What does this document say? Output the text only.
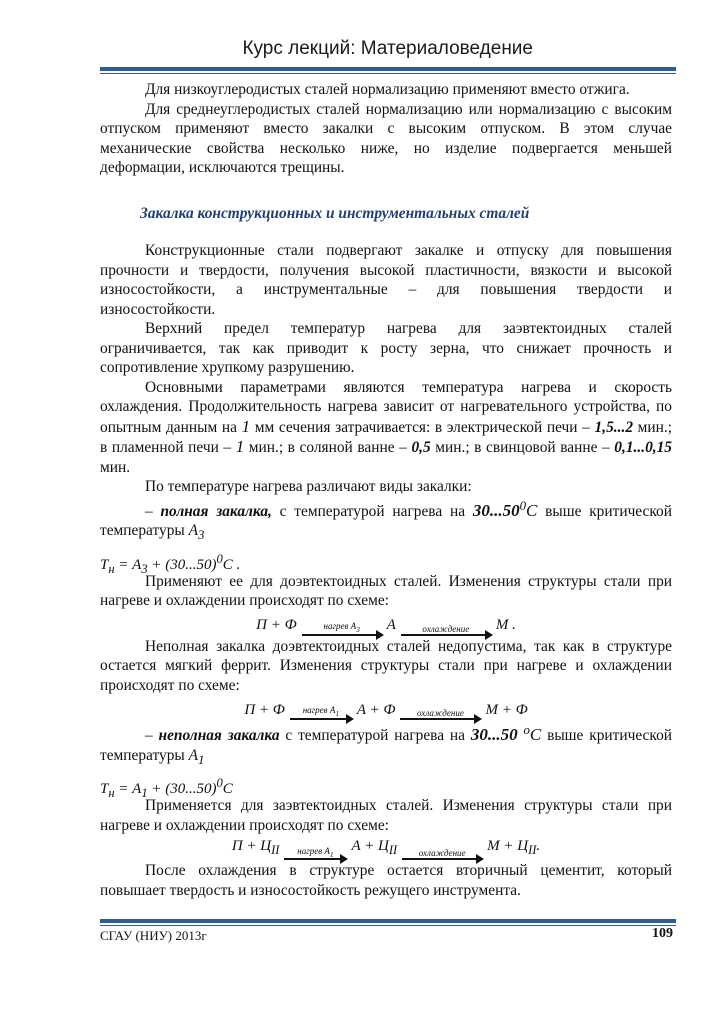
Курс лекций: Материаловедение

Для низкоуглеродистых сталей нормализацию применяют вместо отжига.

Для среднеуглеродистых сталей нормализацию или нормализацию с высоким отпуском применяют вместо закалки с высоким отпуском. В этом случае механические свойства несколько ниже, но изделие подвергается меньшей деформации, исключаются трещины.

Закалка конструкционных и инструментальных сталей

Конструкционные стали подвергают закалке и отпуску для повышения прочности и твердости, получения высокой пластичности, вязкости и высокой износостойкости, а инструментальные – для повышения твердости и износостойкости.

Верхний предел температур нагрева для заэвтектоидных сталей ограничивается, так как приводит к росту зерна, что снижает прочность и сопротивление хрупкому разрушению.

Основными параметрами являются температура нагрева и скорость охлаждения. Продолжительность нагрева зависит от нагревательного устройства, по опытным данным на 1 мм сечения затрачивается: в электрической печи – 1,5...2 мин.; в пламенной печи – 1 мин.; в соляной ванне – 0,5 мин.; в свинцовой ванне – 0,1...0,15 мин.

По температуре нагрева различают виды закалки:

– полная закалка, с температурой нагрева на 30...50$^0$C выше критической температуры $A_3$

$T_н = A_3 + (30...50)^0C$ .

Применяют ее для доэвтектоидных сталей. Изменения структуры стали при нагреве и охлаждении происходят по схеме:

П + Ф	нагрев $A_3$ A	охлаждение M .

Неполная закалка доэвтектоидных сталей недопустима, так как в структуре остается мягкий феррит. Изменения структуры стали при нагреве и охлаждении происходят по схеме:

П + Ф нагрев $A_1$ A + Ф охлаждение M + Ф

– неполная закалка с температурой нагрева на 30...50 $^o$C выше критической температуры $A_1$

$T_н = A_1 + (30...50)^0C$

Применяется для заэвтектоидных сталей. Изменения структуры стали при нагреве и охлаждении происходят по схеме:

$П + Ц_{II}$ нагрев $A_1$ $A + Ц_{II}$ охлаждение $M + Ц_{II}$.

После охлаждения в структуре остается вторичный цементит, который повышает твердость и износостойкость режущего инструмента.

СГАУ (НИУ) 2013г	109
